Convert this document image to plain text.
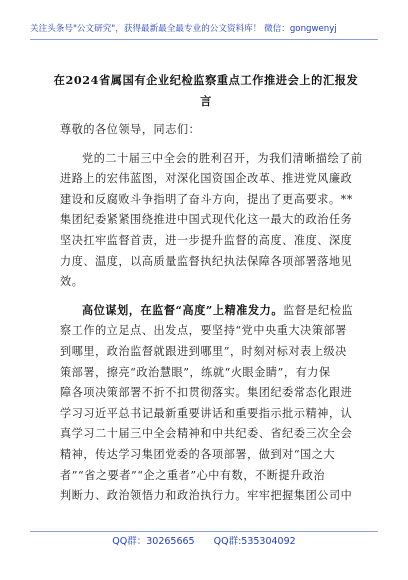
关注头条号"公文研究"，获得最新最全最专业的公文资料库！ 微信：gongwenyj
在2024省属国有企业纪检监察重点工作推进会上的汇报发
言
尊敬的各位领导，同志们：
党的二十届三中全会的胜利召开，为我们清晰描绘了前
进路上的宏伟蓝图，对深化国资国企改革、推进党风廉政
建设和反腐败斗争指明了奋斗方向，提出了更高要求。**
集团纪委紧紧围绕推进中国式现代化这一最大的政治任务
坚决扛牢监督首责，进一步提升监督的高度、准度、深度
力度、温度，以高质量监督执纪执法保障各项部署落地见
效。
高位谋划，在监督“高度”上精准发力。监督是纪检监
察工作的立足点、出发点，要坚持“党中央重大决策部署
到哪里，政治监督就跟进到哪里”，时刻对标对表上级决
策部署，擦亮“政治慧眼”，练就“火眼金睛”，有力保
障各项决策部署不折不扣贯彻落实。集团纪委常态化跟进
学习习近平总书记最新重要讲话和重要指示批示精神，认
真学习二十届三中全会精神和中共纪委、省纪委三次全会
精神，传达学习集团党委的各项部署，做到对“国之大
者”“省之要者”“企之重者”心中有数，不断提升政治
判断力、政治领悟力和政治执行力。牢牢把握集团公司中
QQ群：30265665 QQ群:535304092
